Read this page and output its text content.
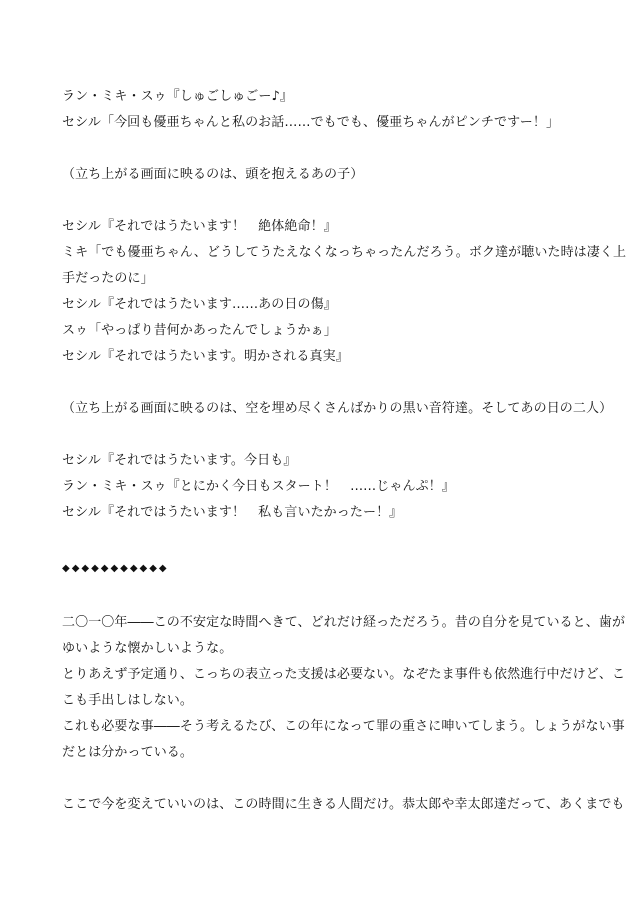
ラン・ミキ・スゥ『しゅごしゅごー♪』
セシル「今回も優亜ちゃんと私のお話……でもでも、優亜ちゃんがピンチですー！」
（立ち上がる画面に映るのは、頭を抱えるあの子）
セシル『それではうたいます！　絶体絶命！』
ミキ「でも優亜ちゃん、どうしてうたえなくなっちゃったんだろう。ボク達が聴いた時は凄く上
手だったのに」
セシル『それではうたいます……あの日の傷』
スゥ「やっぱり昔何かあったんでしょうかぁ」
セシル『それではうたいます。明かされる真実』
（立ち上がる画面に映るのは、空を埋め尽くさんばかりの黒い音符達。そしてあの日の二人）
セシル『それではうたいます。今日も』
ラン・ミキ・スゥ『とにかく今日もスタート！　……じゃんぷ！』
セシル『それではうたいます！　私も言いたかったー！』
◆◆◆◆◆◆◆◆◆◆◆
二〇一〇年――この不安定な時間へきて、どれだけ経っただろう。昔の自分を見ていると、歯が
ゆいような懐かしいような。
とりあえず予定通り、こっちの表立った支援は必要ない。なぞたま事件も依然進行中だけど、こ
こも手出しはしない。
これも必要な事――そう考えるたび、この年になって罪の重さに呻いてしまう。しょうがない事
だとは分かっている。
ここで今を変えていいのは、この時間に生きる人間だけ。恭太郎や幸太郎達だって、あくまでも
